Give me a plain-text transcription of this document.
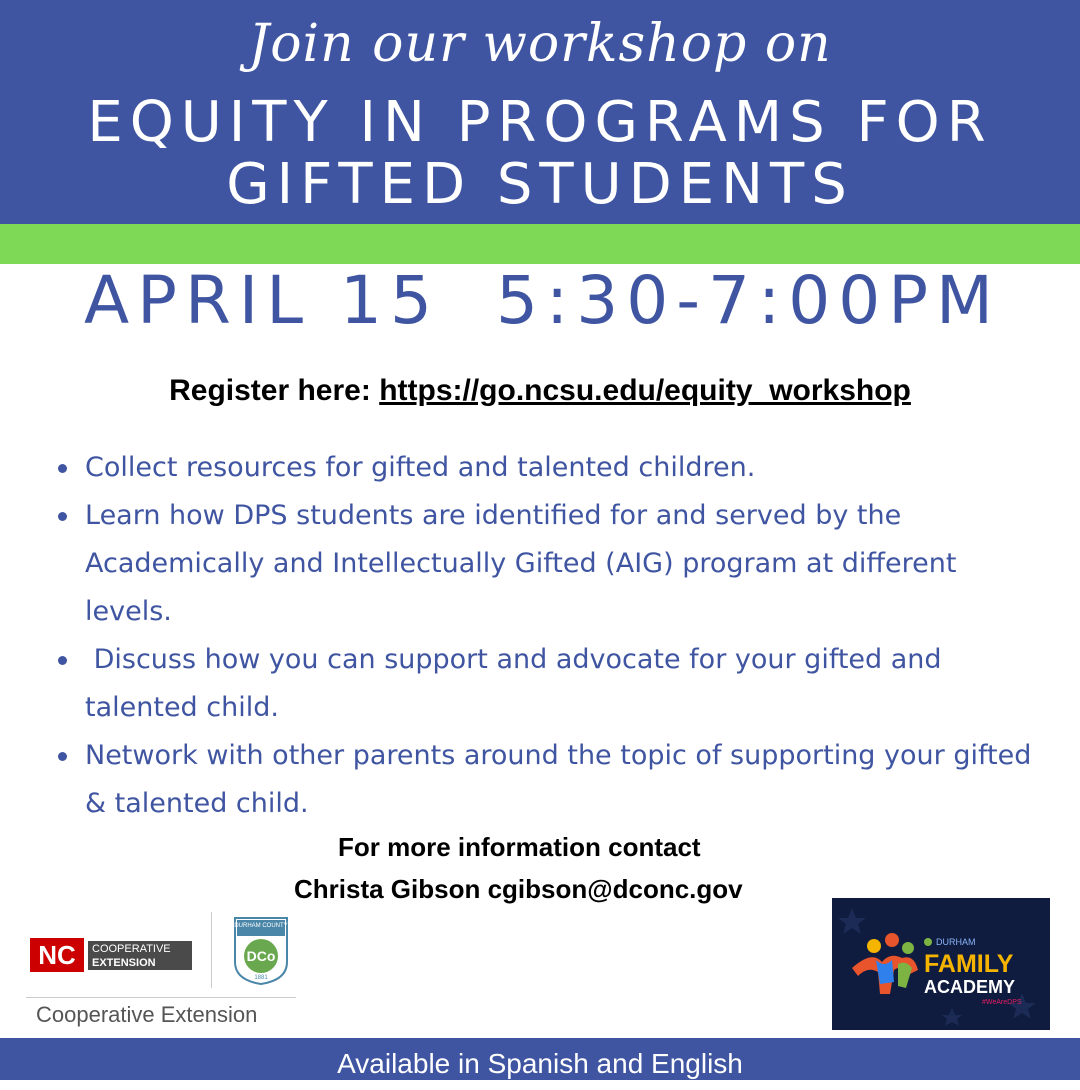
Join our workshop on
EQUITY IN PROGRAMS FOR
GIFTED STUDENTS
APRIL 15 5:30-7:00PM
Register here: https://go.ncsu.edu/equity_workshop
Collect resources for gifted and talented children.
Learn how DPS students are identified for and served by the Academically and Intellectually Gifted (AIG) program at different levels.
Discuss how you can support and advocate for your gifted and talented child.
Network with other parents around the topic of supporting your gifted & talented child.
For more information contact
Christa Gibson cgibson@dconc.gov
NC	COOPERATIVE
EXTENSION
DURHAM COUNTY
DCo
1881
Cooperative Extension
DURHAM
FAMILY
ACADEMY
#WeAreDPS
Available in Spanish and English
